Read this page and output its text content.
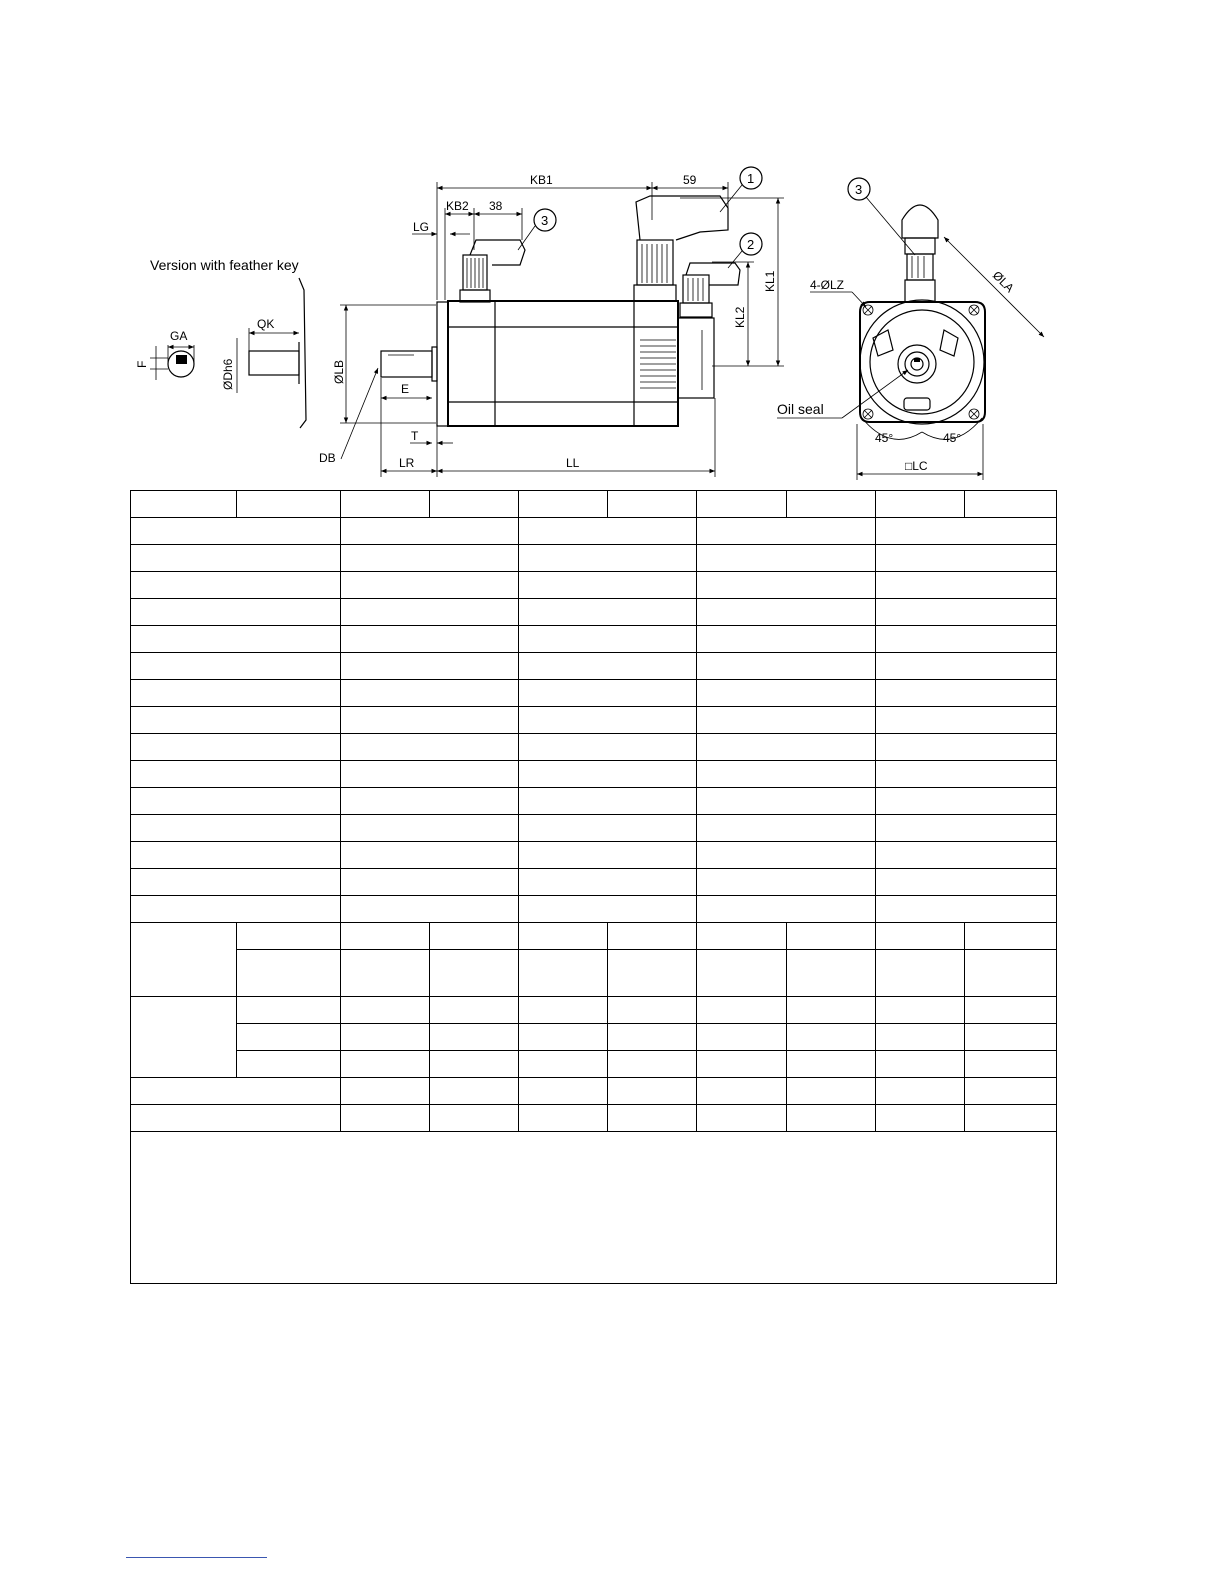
Version with feather key
GA
F
QK
ØDh6
KB1	59
KB2 38
LG	3
1
2
KL1
KL2
ØLB
E
T
LR	LL
DB
3
ØLA
4-ØLZ
Oil seal
45°	45°
□LC
